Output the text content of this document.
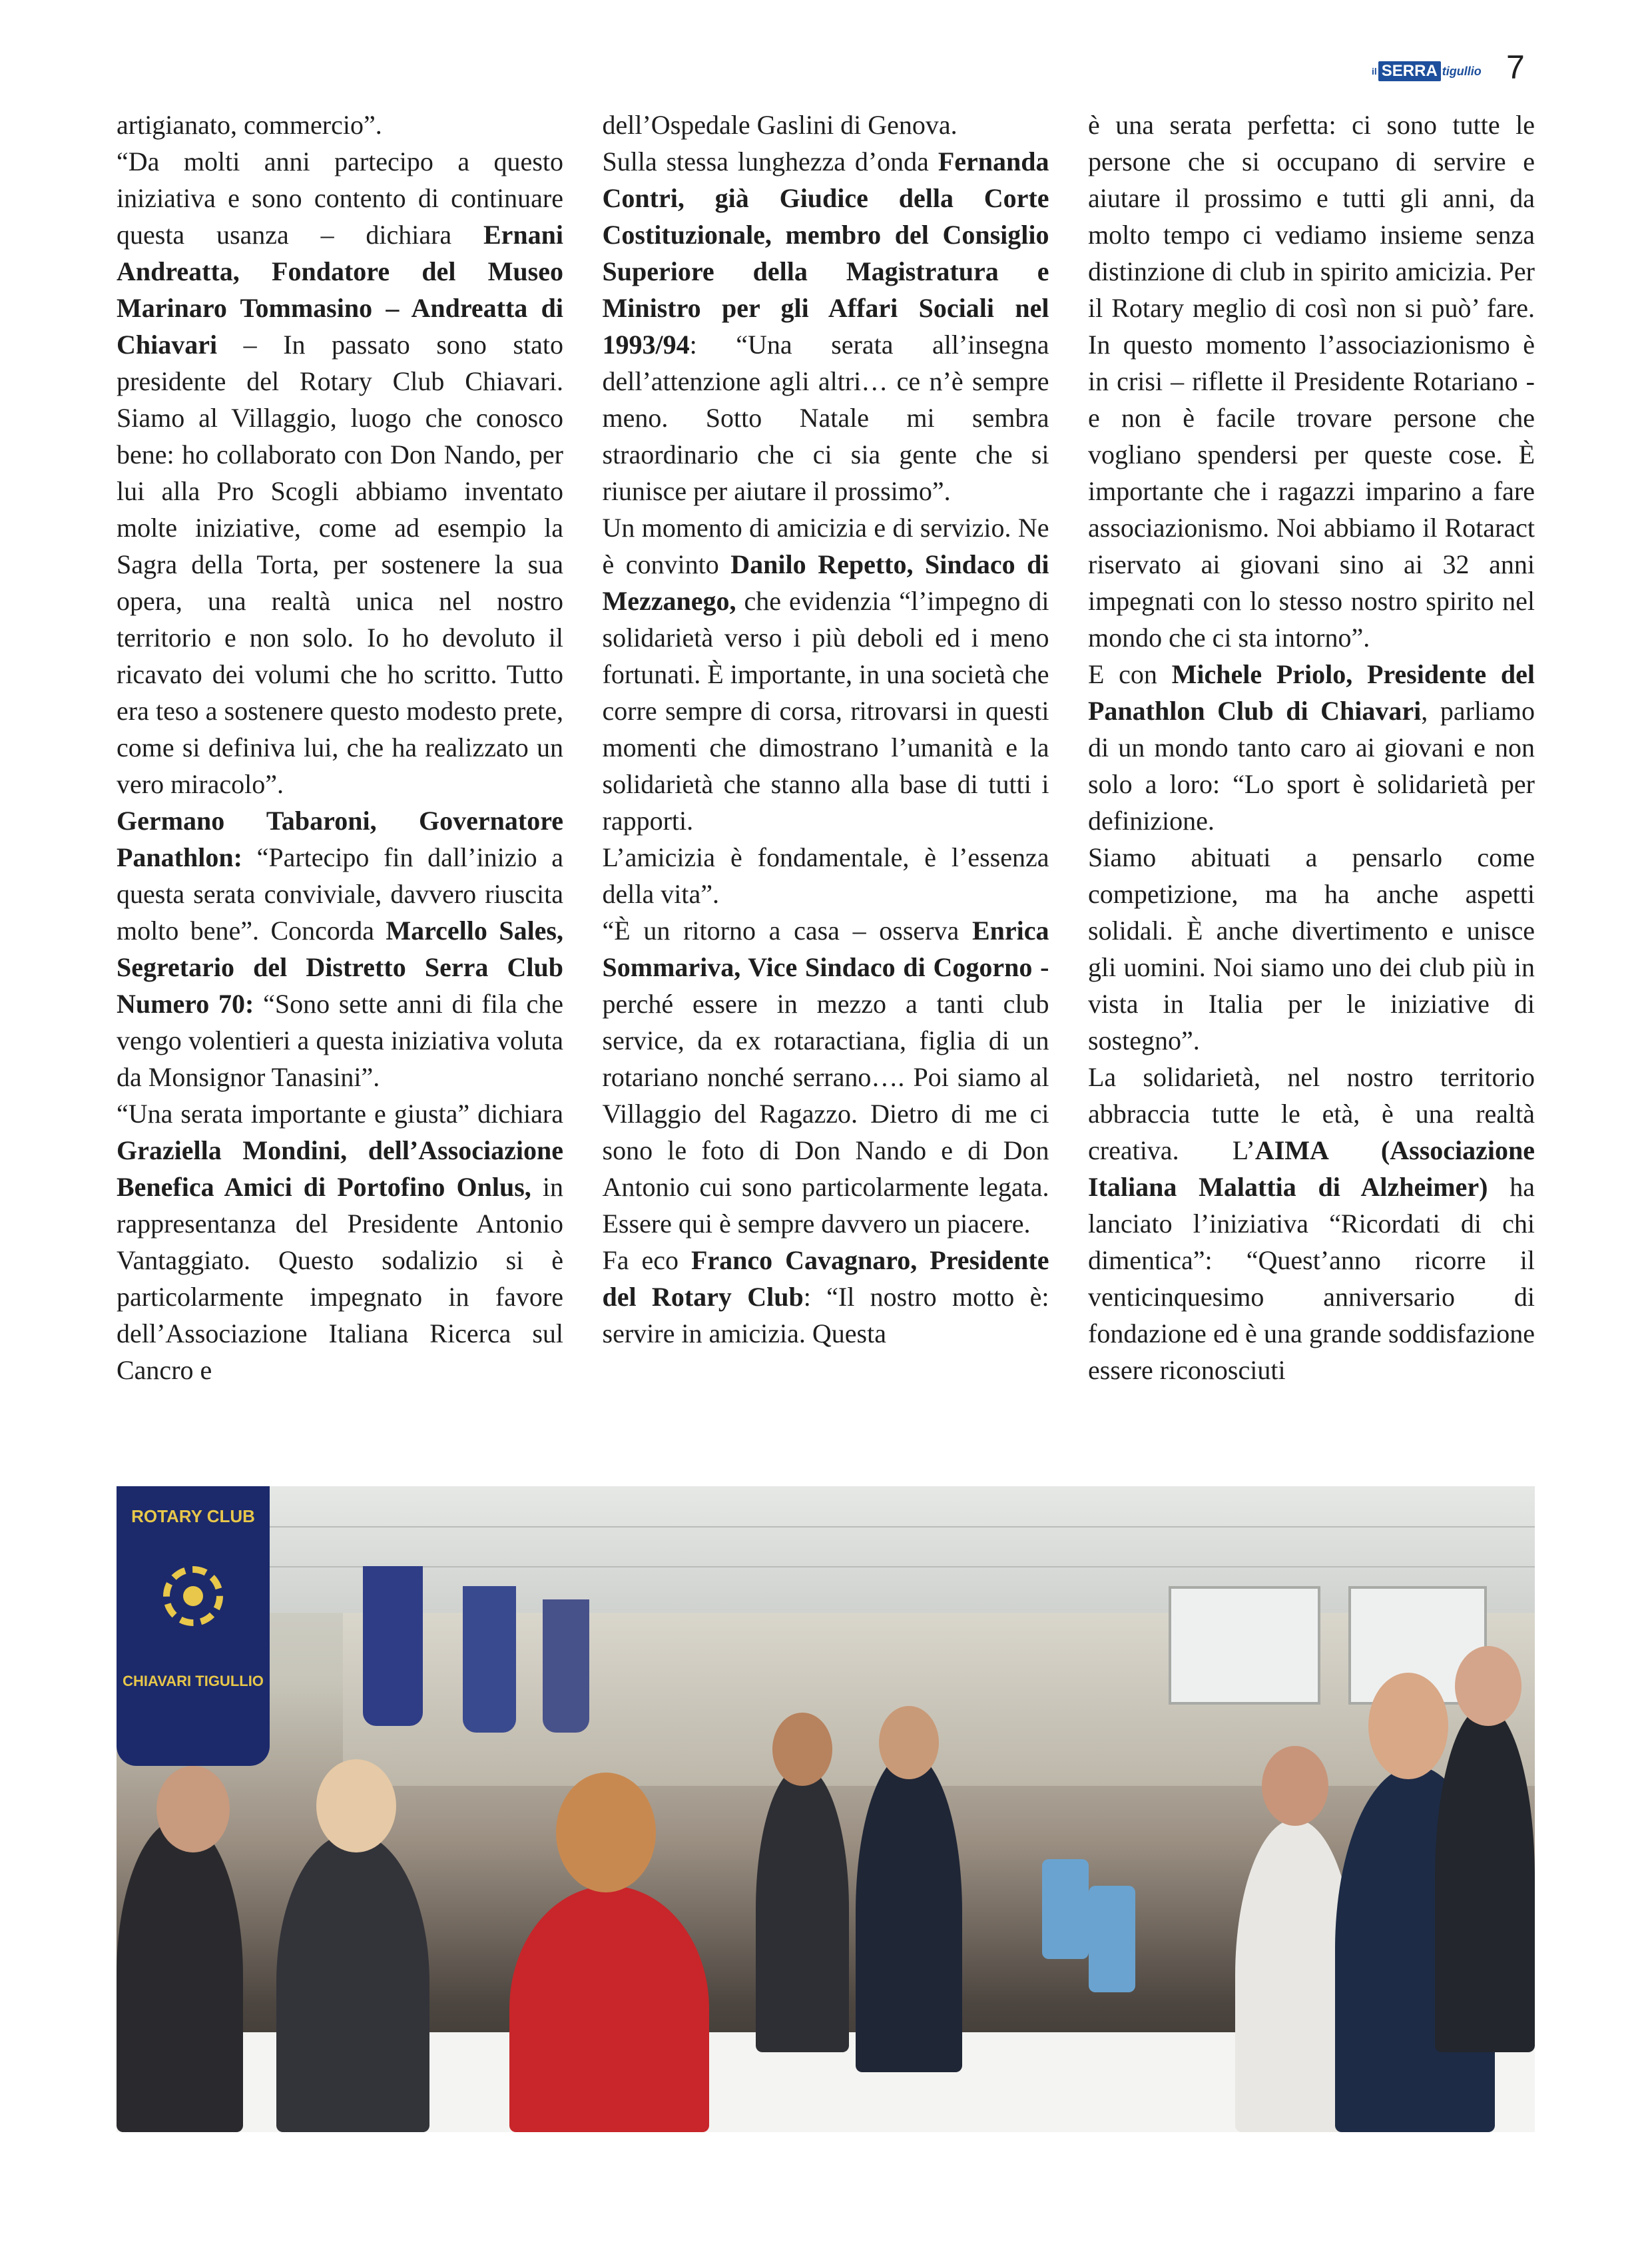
il SERRA tigullio 7

artigianato, commercio”.

“Da molti anni partecipo a questo iniziativa e sono contento di continuare questa usanza – dichiara Ernani Andreatta, Fondatore del Museo Marinaro Tommasino – Andreatta di Chiavari – In passato sono stato presidente del Rotary Club Chiavari. Siamo al Villaggio, luogo che conosco bene: ho collaborato con Don Nando, per lui alla Pro Scogli abbiamo inventato molte iniziative, come ad esempio la Sagra della Torta, per sostenere la sua opera, una realtà unica nel nostro territorio e non solo. Io ho devoluto il ricavato dei volumi che ho scritto. Tutto era teso a sostenere questo modesto prete, come si definiva lui, che ha realizzato un vero miracolo”.

Germano Tabaroni, Governatore Panathlon: “Partecipo fin dall’inizio a questa serata conviviale, davvero riuscita molto bene”. Concorda Marcello Sales, Segretario del Distretto Serra Club Numero 70: “Sono sette anni di fila che vengo volentieri a questa iniziativa voluta da Monsignor Tanasini”.

“Una serata importante e giusta” dichiara Graziella Mondini, dell’Associazione Benefica Amici di Portofino Onlus, in rappresentanza del Presidente Antonio Vantaggiato. Questo sodalizio si è particolarmente impegnato in favore dell’Associazione Italiana Ricerca sul Cancro e

dell’Ospedale Gaslini di Genova.

Sulla stessa lunghezza d’onda Fernanda Contri, già Giudice della Corte Costituzionale, membro del Consiglio Superiore della Magistratura e Ministro per gli Affari Sociali nel 1993/94: “Una serata all’insegna dell’attenzione agli altri… ce n’è sempre meno. Sotto Natale mi sembra straordinario che ci sia gente che si riunisce per aiutare il prossimo”.

Un momento di amicizia e di servizio. Ne è convinto Danilo Repetto, Sindaco di Mezzanego, che evidenzia “l’impegno di solidarietà verso i più deboli ed i meno fortunati. È importante, in una società che corre sempre di corsa, ritrovarsi in questi momenti che dimostrano l’umanità e la solidarietà che stanno alla base di tutti i rapporti.

L’amicizia è fondamentale, è l’essenza della vita”.

“È un ritorno a casa – osserva Enrica Sommariva, Vice Sindaco di Cogorno - perché essere in mezzo a tanti club service, da ex rotaractiana, figlia di un rotariano nonché serrano…. Poi siamo al Villaggio del Ragazzo. Dietro di me ci sono le foto di Don Nando e di Don Antonio cui sono particolarmente legata. Essere qui è sempre davvero un piacere.

Fa eco Franco Cavagnaro, Presidente del Rotary Club: “Il nostro motto è: servire in amicizia. Questa

è una serata perfetta: ci sono tutte le persone che si occupano di servire e aiutare il prossimo e tutti gli anni, da molto tempo ci vediamo insieme senza distinzione di club in spirito amicizia. Per il Rotary meglio di così non si può’ fare. In questo momento l’associazionismo è in crisi – riflette il Presidente Rotariano - e non è facile trovare persone che vogliano spendersi per queste cose. È importante che i ragazzi imparino a fare associazionismo. Noi abbiamo il Rotaract riservato ai giovani sino ai 32 anni impegnati con lo stesso nostro spirito nel mondo che ci sta intorno”.

E con Michele Priolo, Presidente del Panathlon Club di Chiavari, parliamo di un mondo tanto caro ai giovani e non solo a loro: “Lo sport è solidarietà per definizione.

Siamo abituati a pensarlo come competizione, ma ha anche aspetti solidali. È anche divertimento e unisce gli uomini. Noi siamo uno dei club più in vista in Italia per le iniziative di sostegno”.

La solidarietà, nel nostro territorio abbraccia tutte le età, è una realtà creativa. L’AIMA (Associazione Italiana Malattia di Alzheimer) ha lanciato l’iniziativa “Ricordati di chi dimentica”: “Quest’anno ricorre il venticinquesimo anniversario di fondazione ed è una grande soddisfazione essere riconosciuti

ROTARY CLUB
CHIAVARI TIGULLIO
